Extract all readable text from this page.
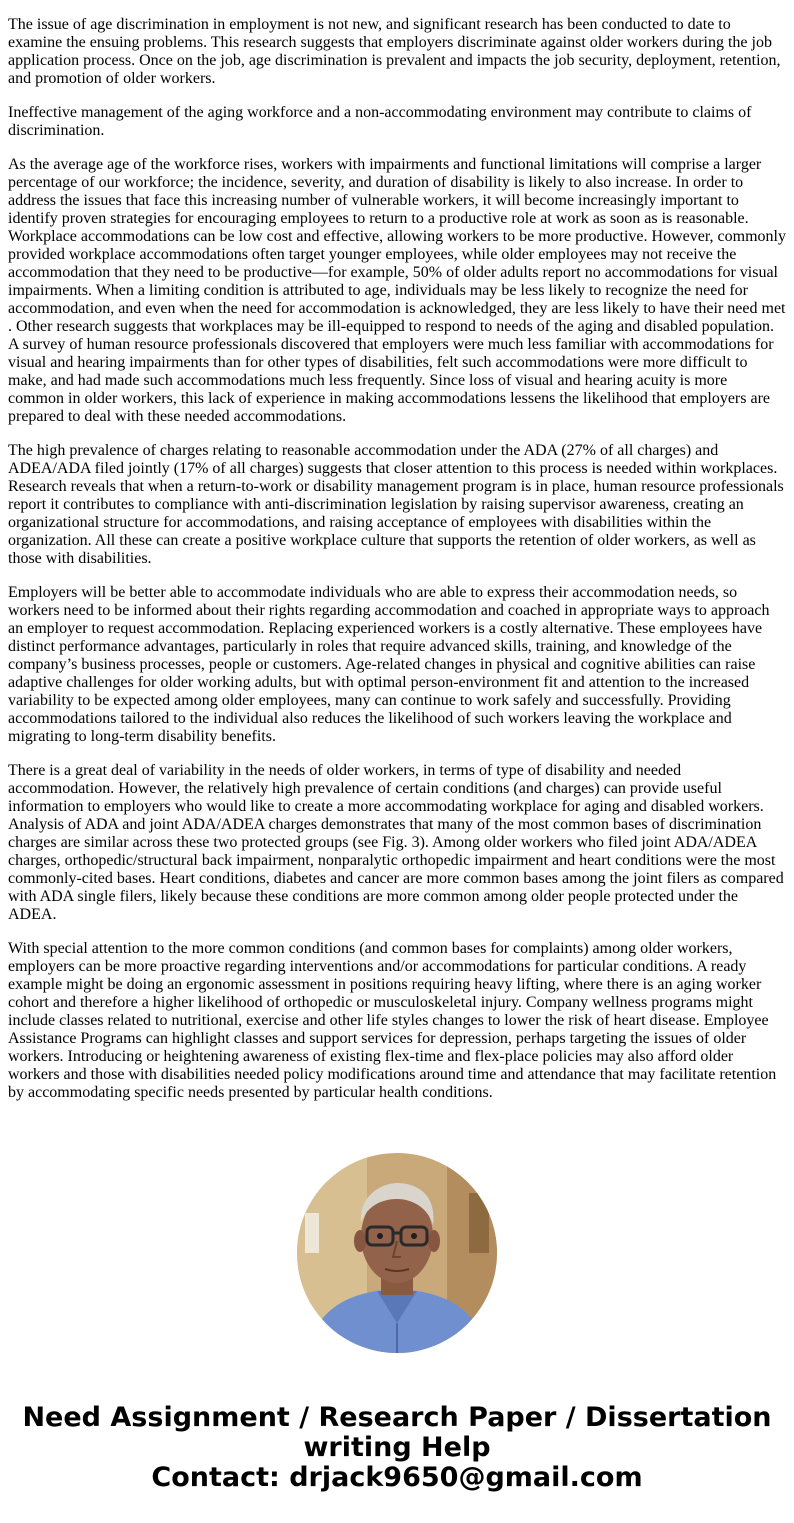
The issue of age discrimination in employment is not new, and significant research has been conducted to date to examine the ensuing problems. This research suggests that employers discriminate against older workers during the job application process. Once on the job, age discrimination is prevalent and impacts the job security, deployment, retention, and promotion of older workers.

Ineffective management of the aging workforce and a non-accommodating environment may contribute to claims of discrimination.

As the average age of the workforce rises, workers with impairments and functional limitations will comprise a larger percentage of our workforce; the incidence, severity, and duration of disability is likely to also increase. In order to address the issues that face this increasing number of vulnerable workers, it will become increasingly important to identify proven strategies for encouraging employees to return to a productive role at work as soon as is reasonable. Workplace accommodations can be low cost and effective, allowing workers to be more productive. However, commonly provided workplace accommodations often target younger employees, while older employees may not receive the accommodation that they need to be productive—for example, 50% of older adults report no accommodations for visual impairments. When a limiting condition is attributed to age, individuals may be less likely to recognize the need for accommodation, and even when the need for accommodation is acknowledged, they are less likely to have their need met . Other research suggests that workplaces may be ill-equipped to respond to needs of the aging and disabled population. A survey of human resource professionals discovered that employers were much less familiar with accommodations for visual and hearing impairments than for other types of disabilities, felt such accommodations were more difficult to make, and had made such accommodations much less frequently. Since loss of visual and hearing acuity is more common in older workers, this lack of experience in making accommodations lessens the likelihood that employers are prepared to deal with these needed accommodations.

The high prevalence of charges relating to reasonable accommodation under the ADA (27% of all charges) and ADEA/ADA filed jointly (17% of all charges) suggests that closer attention to this process is needed within workplaces. Research reveals that when a return-to-work or disability management program is in place, human resource professionals report it contributes to compliance with anti-discrimination legislation by raising supervisor awareness, creating an organizational structure for accommodations, and raising acceptance of employees with disabilities within the organization. All these can create a positive workplace culture that supports the retention of older workers, as well as those with disabilities.

Employers will be better able to accommodate individuals who are able to express their accommodation needs, so workers need to be informed about their rights regarding accommodation and coached in appropriate ways to approach an employer to request accommodation. Replacing experienced workers is a costly alternative. These employees have distinct performance advantages, particularly in roles that require advanced skills, training, and knowledge of the company’s business processes, people or customers. Age-related changes in physical and cognitive abilities can raise adaptive challenges for older working adults, but with optimal person-environment fit and attention to the increased variability to be expected among older employees, many can continue to work safely and successfully. Providing accommodations tailored to the individual also reduces the likelihood of such workers leaving the workplace and migrating to long-term disability benefits.

There is a great deal of variability in the needs of older workers, in terms of type of disability and needed accommodation. However, the relatively high prevalence of certain conditions (and charges) can provide useful information to employers who would like to create a more accommodating workplace for aging and disabled workers. Analysis of ADA and joint ADA/ADEA charges demonstrates that many of the most common bases of discrimination charges are similar across these two protected groups (see Fig. 3). Among older workers who filed joint ADA/ADEA charges, orthopedic/structural back impairment, nonparalytic orthopedic impairment and heart conditions were the most commonly-cited bases. Heart conditions, diabetes and cancer are more common bases among the joint filers as compared with ADA single filers, likely because these conditions are more common among older people protected under the ADEA.

With special attention to the more common conditions (and common bases for complaints) among older workers, employers can be more proactive regarding interventions and/or accommodations for particular conditions. A ready example might be doing an ergonomic assessment in positions requiring heavy lifting, where there is an aging worker cohort and therefore a higher likelihood of orthopedic or musculoskeletal injury. Company wellness programs might include classes related to nutritional, exercise and other life styles changes to lower the risk of heart disease. Employee Assistance Programs can highlight classes and support services for depression, perhaps targeting the issues of older workers. Introducing or heightening awareness of existing flex-time and flex-place policies may also afford older workers and those with disabilities needed policy modifications around time and attendance that may facilitate retention by accommodating specific needs presented by particular health conditions.

Need Assignment / Research Paper / Dissertation
writing Help
Contact: drjack9650@gmail.com
